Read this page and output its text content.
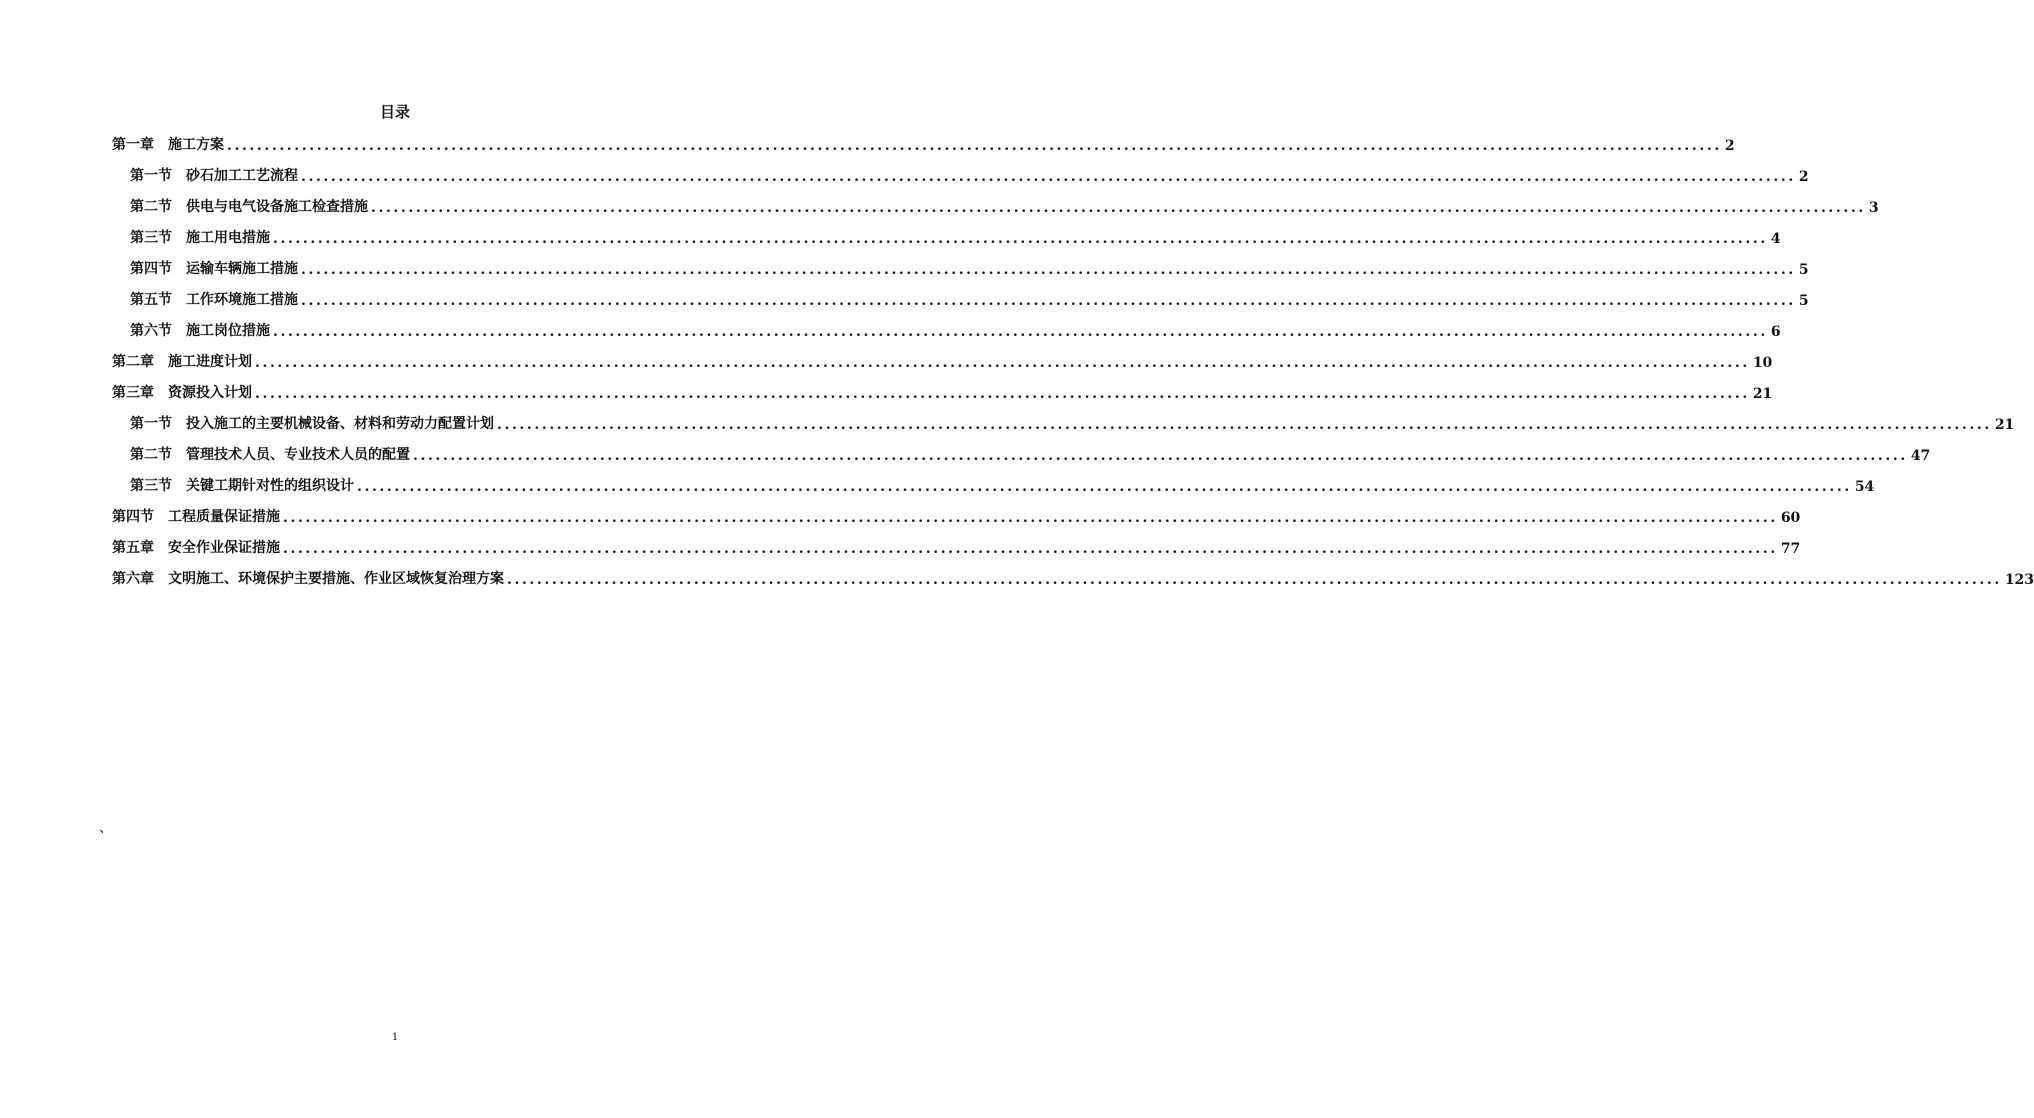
目录
第一章 施工方案 ........................................................................................................................................................................................................ 2
第一节 砂石加工工艺流程 ........................................................................................................................................................................................................ 2
第二节 供电与电气设备施工检查措施 ........................................................................................................................................................................................................ 3
第三节 施工用电措施 ........................................................................................................................................................................................................ 4
第四节 运输车辆施工措施 ........................................................................................................................................................................................................ 5
第五节 工作环境施工措施 ........................................................................................................................................................................................................ 5
第六节 施工岗位措施 ........................................................................................................................................................................................................ 6
第二章 施工进度计划 ........................................................................................................................................................................................................ 10
第三章 资源投入计划 ........................................................................................................................................................................................................ 21
第一节 投入施工的主要机械设备、材料和劳动力配置计划 ........................................................................................................................................................................................................ 21
第二节 管理技术人员、专业技术人员的配置 ........................................................................................................................................................................................................ 47
第三节 关键工期针对性的组织设计 ........................................................................................................................................................................................................ 54
第四节 工程质量保证措施 ........................................................................................................................................................................................................ 60
第五章 安全作业保证措施 ........................................................................................................................................................................................................ 77
第六章 文明施工、环境保护主要措施、作业区域恢复治理方案 ........................................................................................................................................................................................................ 123
、
1
